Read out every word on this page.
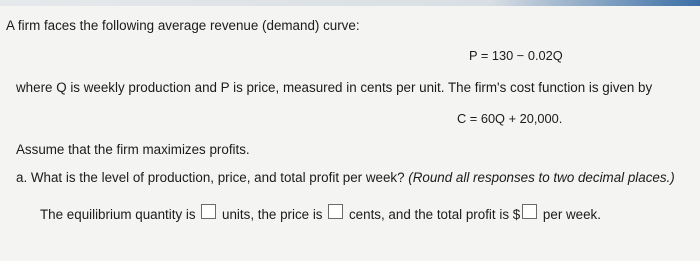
A firm faces the following average revenue (demand) curve:
P = 130 − 0.02Q
where Q is weekly production and P is price, measured in cents per unit. The firm's cost function is given by
C = 60Q + 20,000.
Assume that the firm maximizes profits.
a. What is the level of production, price, and total profit per week? (Round all responses to two decimal places.)
The equilibrium quantity is units, the price is cents, and the total profit is $ per week.
